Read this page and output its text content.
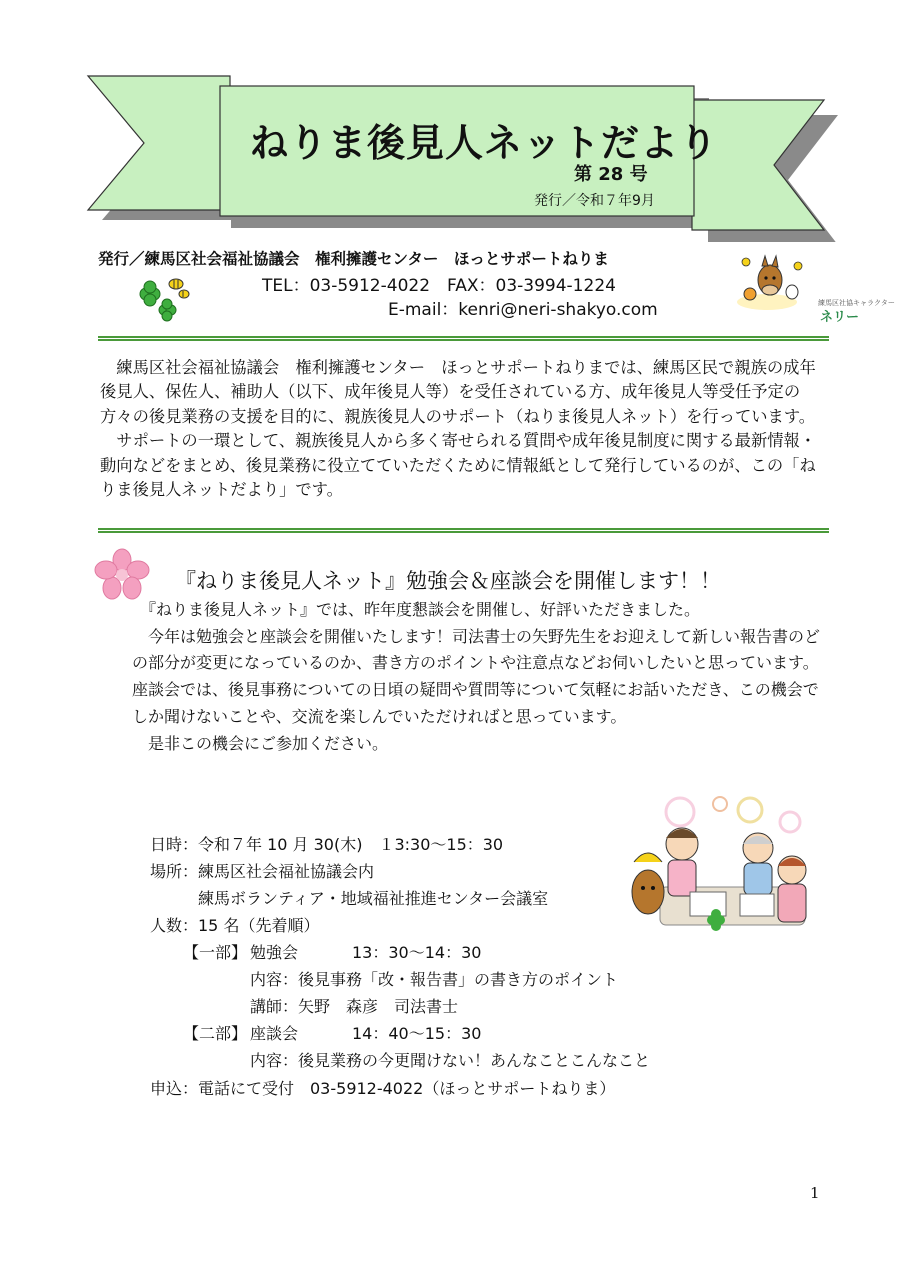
ねりま後見人ネットだより
第 28 号
発行／令和７年9月
発行／練馬区社会福祉協議会　権利擁護センター　ほっとサポートねりま
TEL：03-5912-4022　FAX：03-3994-1224
E-mail：kenri@neri-shakyo.com	練馬区社協キャラクター
ネリー

練馬区社会福祉協議会　権利擁護センター　ほっとサポートねりまでは、練馬区民で親族の成年後見人、保佐人、補助人（以下、成年後見人等）を受任されている方、成年後見人等受任予定の方々の後見業務の支援を目的に、親族後見人のサポート（ねりま後見人ネット）を行っています。

サポートの一環として、親族後見人から多く寄せられる質問や成年後見制度に関する最新情報・動向などをまとめ、後見業務に役立てていただくために情報紙として発行しているのが、この「ねりま後見人ネットだより」です。

『ねりま後見人ネット』勉強会＆座談会を開催します！！

『ねりま後見人ネット』では、昨年度懇談会を開催し、好評いただきました。

今年は勉強会と座談会を開催いたします！司法書士の矢野先生をお迎えして新しい報告書のどの部分が変更になっているのか、書き方のポイントや注意点などお伺いしたいと思っています。座談会では、後見事務についての日頃の疑問や質問等について気軽にお話いただき、この機会でしか聞けないことや、交流を楽しんでいただければと思っています。

是非この機会にご参加ください。

日時：令和７年 10 月 30(木)　１3:30〜15：30
場所：練馬区社会福祉協議会内
練馬ボランティア・地域福祉推進センター会議室
人数：15 名（先着順）
【一部】 勉強会	13：30〜14：30
内容：後見事務「改・報告書」の書き方のポイント
講師：矢野　森彦　司法書士
【二部】 座談会	14：40〜15：30
内容：後見業務の今更聞けない！あんなことこんなこと
申込：電話にて受付　03-5912-4022（ほっとサポートねりま）
1
